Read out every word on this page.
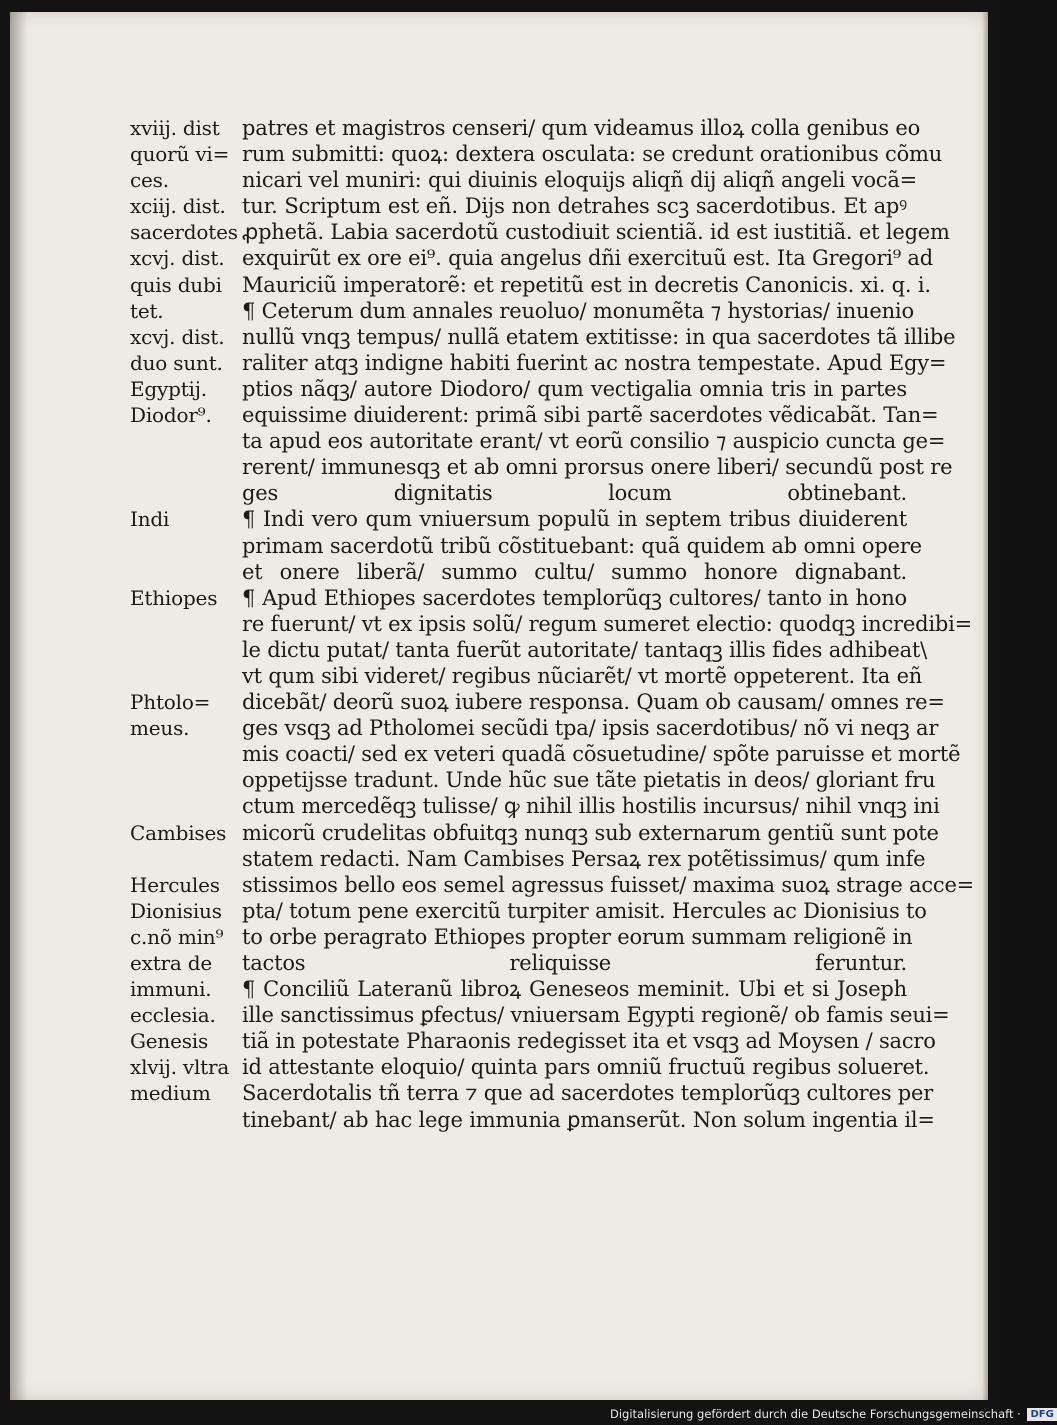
xviij. dist
quorũ vi=
ces.
xciij. dist.
sacerdotes
xcvj. dist.
quis dubi
tet.
xcvj. dist.
duo sunt.
Egyptij.
Diodor⁹.
Indi
Ethiopes
Phtolo=
meus.
Cambises
Hercules
Dionisius
c.nõ min⁹
extra de
immuni.
ecclesia.
Genesis
xlvij. vltra
medium
patres et magistros censeri/ qum videamus illoꝝ colla genibus eo
rum submitti: quoꝝ: dextera osculata: se credunt orationibus cõmu
nicari vel muniri: qui diuinis eloquijs aliqñ dij aliqñ angeli vocã=
tur. Scriptum est eñ. Dijs non detrahes scꝫ sacerdotibus. Et apꝰ
ꝓphetã. Labia sacerdotũ custodiuit scientiã. id est iustitiã. et legem
exquirũt ex ore ei⁹. quia angelus dñi exercituũ est. Ita Gregori⁹ ad
Mauriciũ imperatorẽ: et repetitũ est in decretis Canonicis. xi. q. i.
¶ Ceterum dum annales reuoluo/ monumẽta ⁊ hystorias/ inuenio
nullũ vnqꝫ tempus/ nullã etatem extitisse: in qua sacerdotes tã illibe
raliter atqꝫ indigne habiti fuerint ac nostra tempestate. Apud Egy=
ptios nãqꝫ/ autore Diodoro/ qum vectigalia omnia tris in partes
equissime diuiderent: primã sibi partẽ sacerdotes vẽdicabãt. Tan=
ta apud eos autoritate erant/ vt eorũ consilio ⁊ auspicio cuncta ge=
rerent/ immunesqꝫ et ab omni prorsus onere liberi/ secundũ post re
ges dignitatis locum obtinebant.
¶ Indi vero qum vniuersum populũ in septem tribus diuiderent
primam sacerdotũ tribũ cõstituebant: quã quidem ab omni opere
et onere liberã/ summo cultu/ summo honore dignabant.
¶ Apud Ethiopes sacerdotes templorũqꝫ cultores/ tanto in hono
re fuerunt/ vt ex ipsis solũ/ regum sumeret electio: quodqꝫ incredibi=
le dictu putat/ tanta fuerũt autoritate/ tantaqꝫ illis fides adhibeat\
vt qum sibi videret/ regibus nũciarẽt/ vt mortẽ oppeterent. Ita eñ
dicebãt/ deorũ suoꝝ iubere responsa. Quam ob causam/ omnes re=
ges vsqꝫ ad Ptholomei secũdi tpa/ ipsis sacerdotibus/ nõ vi neqꝫ ar
mis coacti/ sed ex veteri quadã cõsuetudine/ spõte paruisse et mortẽ
oppetijsse tradunt. Unde hũc sue tãte pietatis in deos/ gloriant fru
ctum mercedẽqꝫ tulisse/ ꝙ nihil illis hostilis incursus/ nihil vnqꝫ ini
micorũ crudelitas obfuitqꝫ nunqꝫ sub externarum gentiũ sunt pote
statem redacti. Nam Cambises Persaꝝ rex potẽtissimus/ qum infe
stissimos bello eos semel agressus fuisset/ maxima suoꝝ strage acce=
pta/ totum pene exercitũ turpiter amisit. Hercules ac Dionisius to
to orbe peragrato Ethiopes propter eorum summam religionẽ in
tactos reliquisse feruntur.
¶ Conciliũ Lateranũ libroꝝ Geneseos meminit. Ubi et si Joseph
ille sanctissimus ꝑfectus/ vniuersam Egypti regionẽ/ ob famis seui=
tiã in potestate Pharaonis redegisset ita et vsqꝫ ad Moysen / sacro
id attestante eloquio/ quinta pars omniũ fructuũ regibus solueret.
Sacerdotalis tñ terra ⁊ que ad sacerdotes templorũqꝫ cultores per
tinebant/ ab hac lege immunia ꝑmanserũt. Non solum ingentia il=
Digitalisierung gefördert durch die Deutsche Forschungsgemeinschaft · DFG
